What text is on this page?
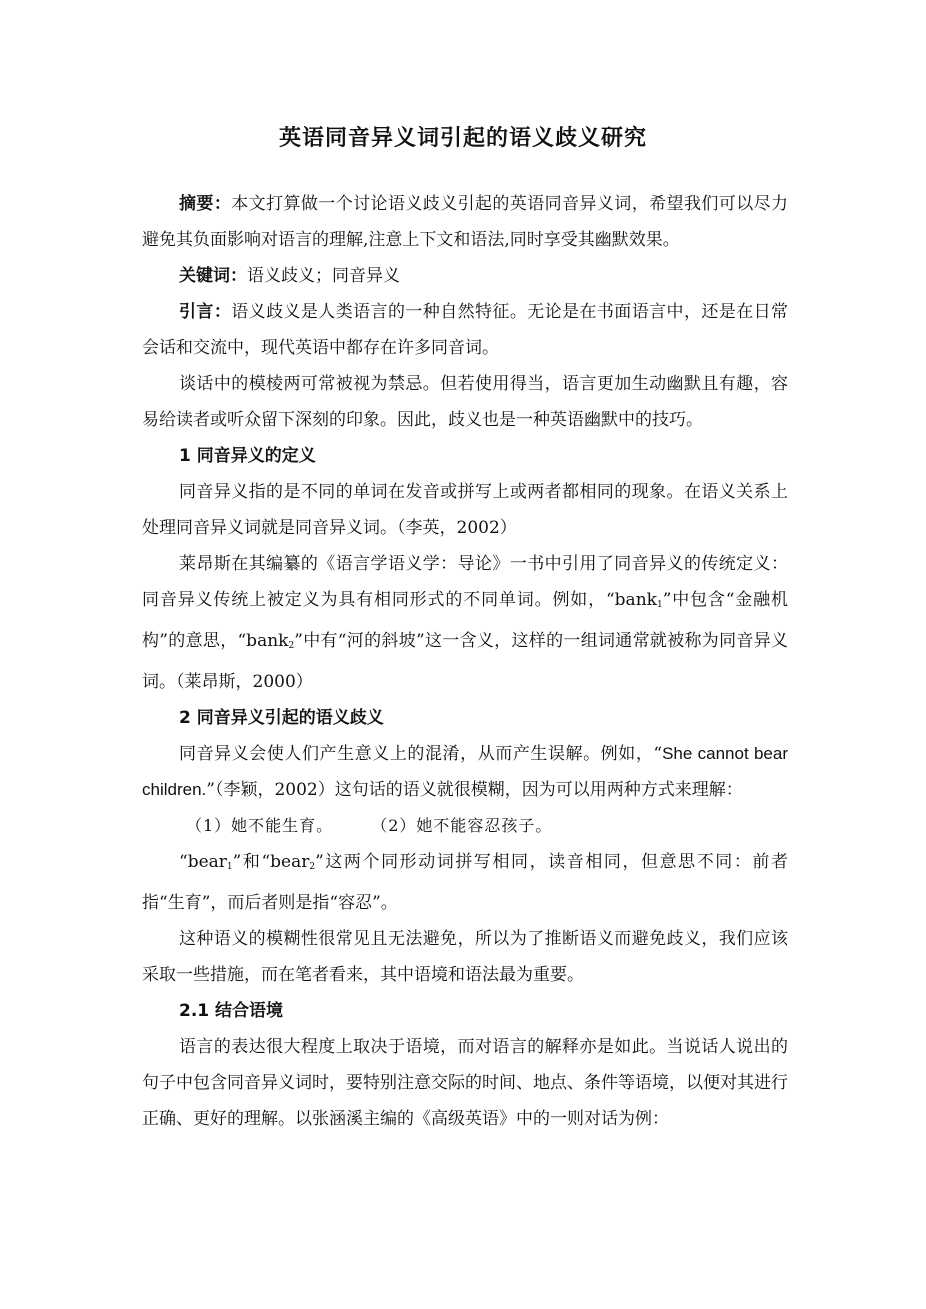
英语同音异义词引起的语义歧义研究

摘要：本文打算做一个讨论语义歧义引起的英语同音异义词，希望我们可以尽力避免其负面影响对语言的理解,注意上下文和语法,同时享受其幽默效果。

关键词：语义歧义；同音异义

引言：语义歧义是人类语言的一种自然特征。无论是在书面语言中，还是在日常会话和交流中，现代英语中都存在许多同音词。

谈话中的模棱两可常被视为禁忌。但若使用得当，语言更加生动幽默且有趣，容易给读者或听众留下深刻的印象。因此，歧义也是一种英语幽默中的技巧。

1 同音异义的定义

同音异义指的是不同的单词在发音或拼写上或两者都相同的现象。在语义关系上处理同音异义词就是同音异义词。（李英，2002）

莱昂斯在其编纂的《语言学语义学：导论》一书中引用了同音异义的传统定义：同音异义传统上被定义为具有相同形式的不同单词。例如，“bank$_1$”中包含“金融机构”的意思，“bank$_2$”中有“河的斜坡”这一含义，这样的一组词通常就被称为同音异义词。（莱昂斯，2000）

2 同音异义引起的语义歧义

同音异义会使人们产生意义上的混淆，从而产生误解。例如，“She cannot bear children.”（李颖，2002）这句话的语义就很模糊，因为可以用两种方式来理解：

（1）她不能生育。 （2）她不能容忍孩子。

“bear$_1$”和“bear$_2$”这两个同形动词拼写相同，读音相同，但意思不同：前者指“生育”，而后者则是指“容忍”。

这种语义的模糊性很常见且无法避免，所以为了推断语义而避免歧义，我们应该采取一些措施，而在笔者看来，其中语境和语法最为重要。

2.1 结合语境

语言的表达很大程度上取决于语境，而对语言的解释亦是如此。当说话人说出的句子中包含同音异义词时，要特别注意交际的时间、地点、条件等语境，以便对其进行正确、更好的理解。以张涵溪主编的《高级英语》中的一则对话为例：
